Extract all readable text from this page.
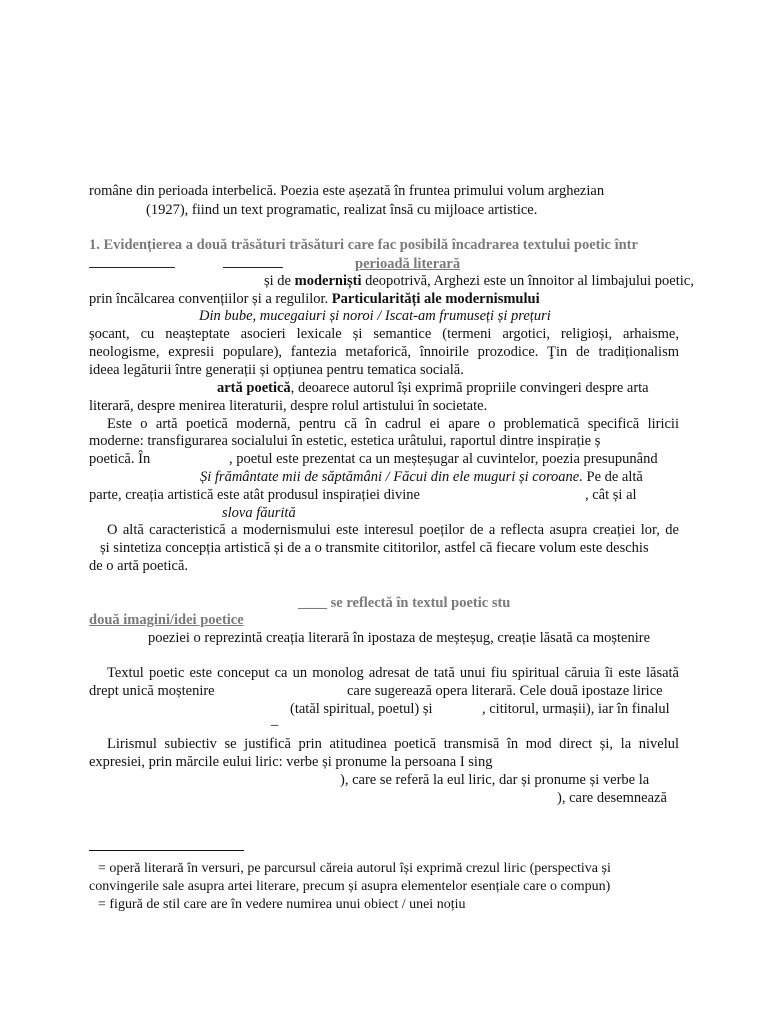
române din perioada interbelică. Poezia este așezată în fruntea primului volum arghezian
(1927), fiind un text programatic, realizat însă cu mijloace artistice.
1. Evidențierea a două trăsături trăsături care fac posibilă încadrarea textului poetic într

perioadă literară
și de moderniști deopotrivă, Arghezi este un înnoitor al limbajului poetic,
prin încălcarea convențiilor și a regulilor. Particularități ale modernismului
Din bube, mucegaiuri și noroi / Iscat-am frumuseți și prețuri
șocant, cu neașteptate asocieri lexicale și semantice (termeni argotici, religioși, arhaisme,
neologisme, expresii populare), fantezia metaforică, înnoirile prozodice. Ţin de tradiționalism
ideea legăturii între generații și opțiunea pentru tematica socială.
artă poetică, deoarece autorul își exprimă propriile convingeri despre arta
literară, despre menirea literaturii, despre rolul artistului în societate.
Este o artă poetică modernă, pentru că în cadrul ei apare o problematică specifică liricii
moderne: transfigurarea socialului în estetic, estetica urâtului, raportul dintre inspirație ș
poetică. În	, poetul este prezentat ca un meșteșugar al cuvintelor, poezia presupunând
Și frământate mii de săptămâni / Făcui din ele muguri și coroane. Pe de altă
parte, creația artistică este atât produsul inspirației divine	, cât și al
slova făurită
O altă caracteristică a modernismului este interesul poeților de a reflecta asupra creației lor, de
și sintetiza concepția artistică și de a o transmite cititorilor, astfel că fiecare volum este deschis
de o artă poetică.
____ se reflectă în textul poetic stu
două imagini/idei poetice
poeziei o reprezintă creația literară în ipostaza de meșteșug, creație lăsată ca moștenire
Textul poetic este conceput ca un monolog adresat de tată unui fiu spiritual căruia îi este lăsată
drept unică moștenire	care sugerează opera literară. Cele două ipostaze lirice
(tatăl spiritual, poetul) și	, cititorul, urmașii), iar în finalul
–
Lirismul subiectiv se justifică prin atitudinea poetică transmisă în mod direct și, la nivelul
expresiei, prin mărcile eului liric: verbe și pronume la persoana I sing
), care se referă la eul liric, dar și pronume și verbe la
), care desemnează
= operă literară în versuri, pe parcursul căreia autorul își exprimă crezul liric (perspectiva și
convingerile sale asupra artei literare, precum și asupra elementelor esențiale care o compun)
= figură de stil care are în vedere numirea unui obiect / unei noțiu
